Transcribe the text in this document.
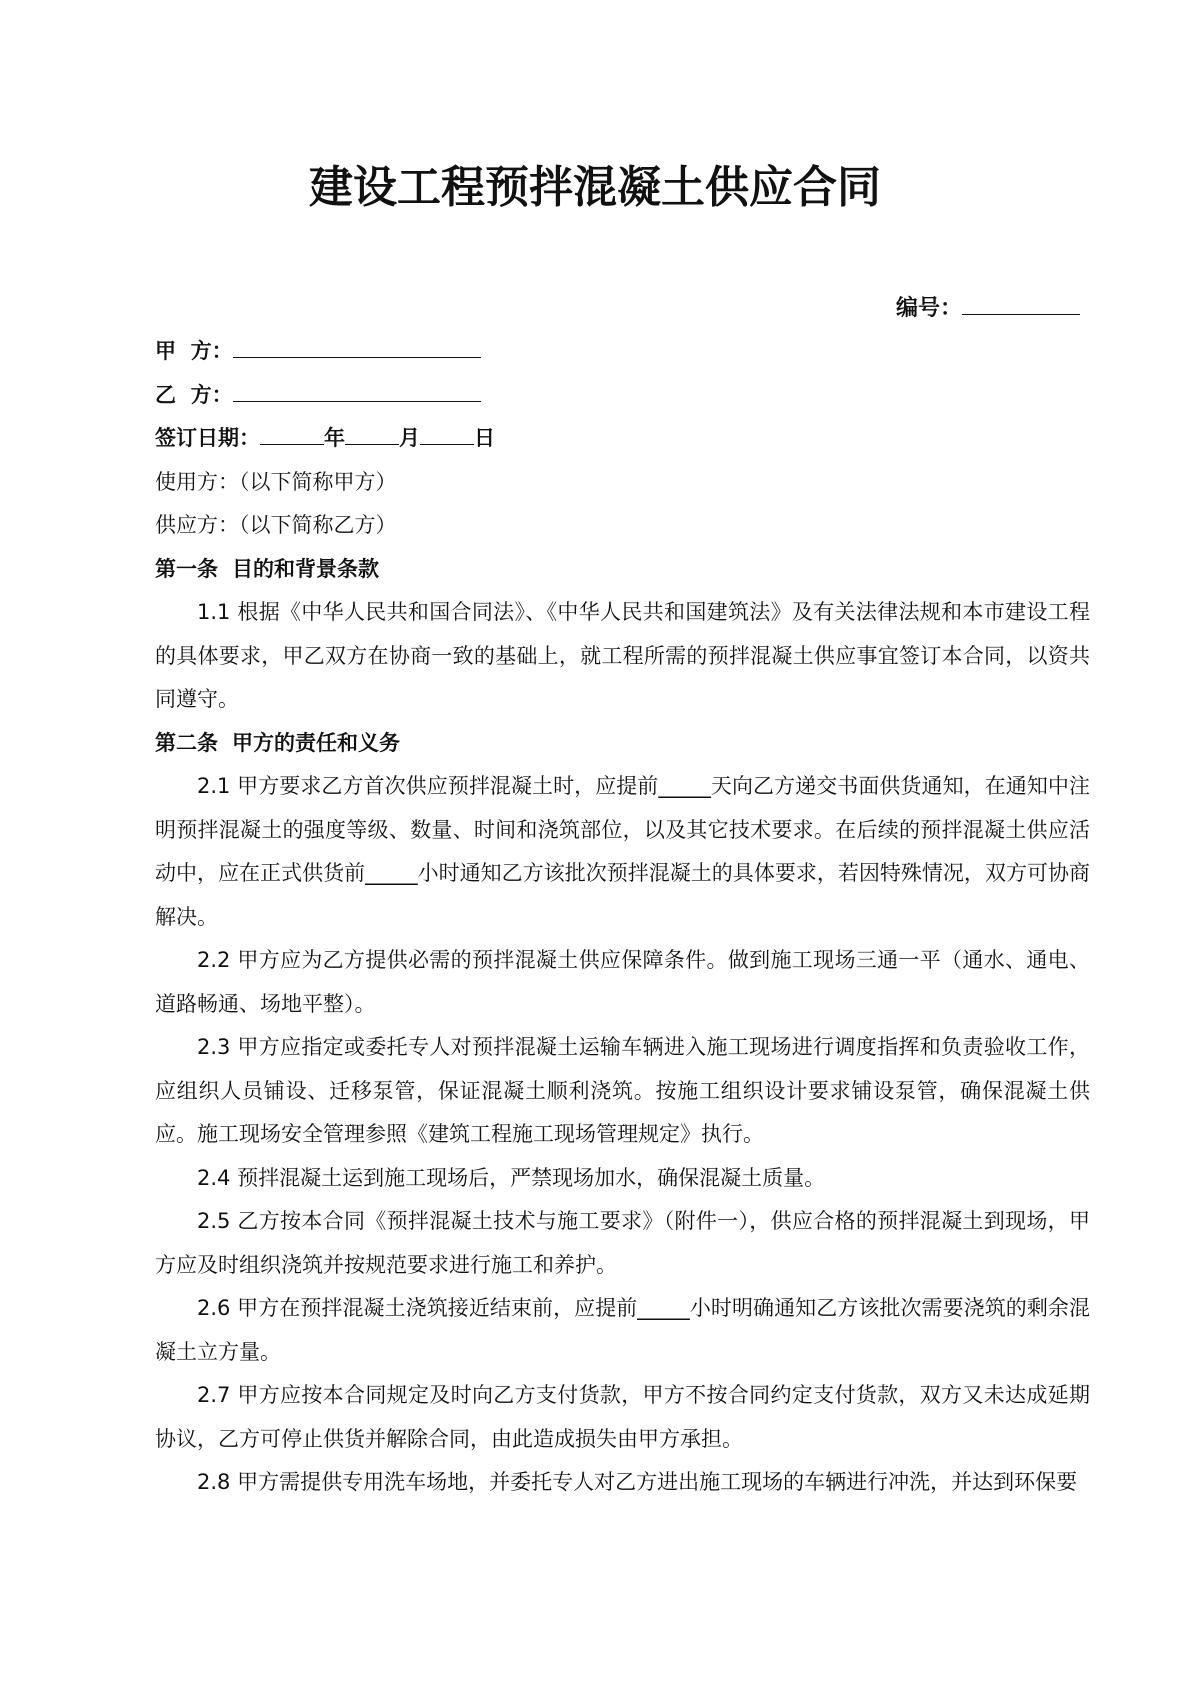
建设工程预拌混凝土供应合同
编号：
甲  方：
乙  方：
签订日期：	年	月	日
使用方：（以下简称甲方）
供应方：（以下简称乙方）
第一条 目的和背景条款

1.1 根据《中华人民共和国合同法》、《中华人民共和国建筑法》及有关法律法规和本市建设工程的具体要求，甲乙双方在协商一致的基础上，就工程所需的预拌混凝土供应事宜签订本合同，以资共同遵守。

第二条 甲方的责任和义务

2.1 甲方要求乙方首次供应预拌混凝土时，应提前_____天向乙方递交书面供货通知，在通知中注明预拌混凝土的强度等级、数量、时间和浇筑部位，以及其它技术要求。在后续的预拌混凝土供应活动中，应在正式供货前_____小时通知乙方该批次预拌混凝土的具体要求，若因特殊情况，双方可协商解决。

2.2 甲方应为乙方提供必需的预拌混凝土供应保障条件。做到施工现场三通一平（通水、通电、道路畅通、场地平整）。

2.3 甲方应指定或委托专人对预拌混凝土运输车辆进入施工现场进行调度指挥和负责验收工作，应组织人员铺设、迁移泵管，保证混凝土顺利浇筑。按施工组织设计要求铺设泵管，确保混凝土供应。施工现场安全管理参照《建筑工程施工现场管理规定》执行。

2.4 预拌混凝土运到施工现场后，严禁现场加水，确保混凝土质量。

2.5 乙方按本合同《预拌混凝土技术与施工要求》（附件一），供应合格的预拌混凝土到现场，甲方应及时组织浇筑并按规范要求进行施工和养护。

2.6 甲方在预拌混凝土浇筑接近结束前，应提前_____小时明确通知乙方该批次需要浇筑的剩余混凝土立方量。

2.7 甲方应按本合同规定及时向乙方支付货款，甲方不按合同约定支付货款，双方又未达成延期协议，乙方可停止供货并解除合同，由此造成损失由甲方承担。

2.8 甲方需提供专用洗车场地，并委托专人对乙方进出施工现场的车辆进行冲洗，并达到环保要
